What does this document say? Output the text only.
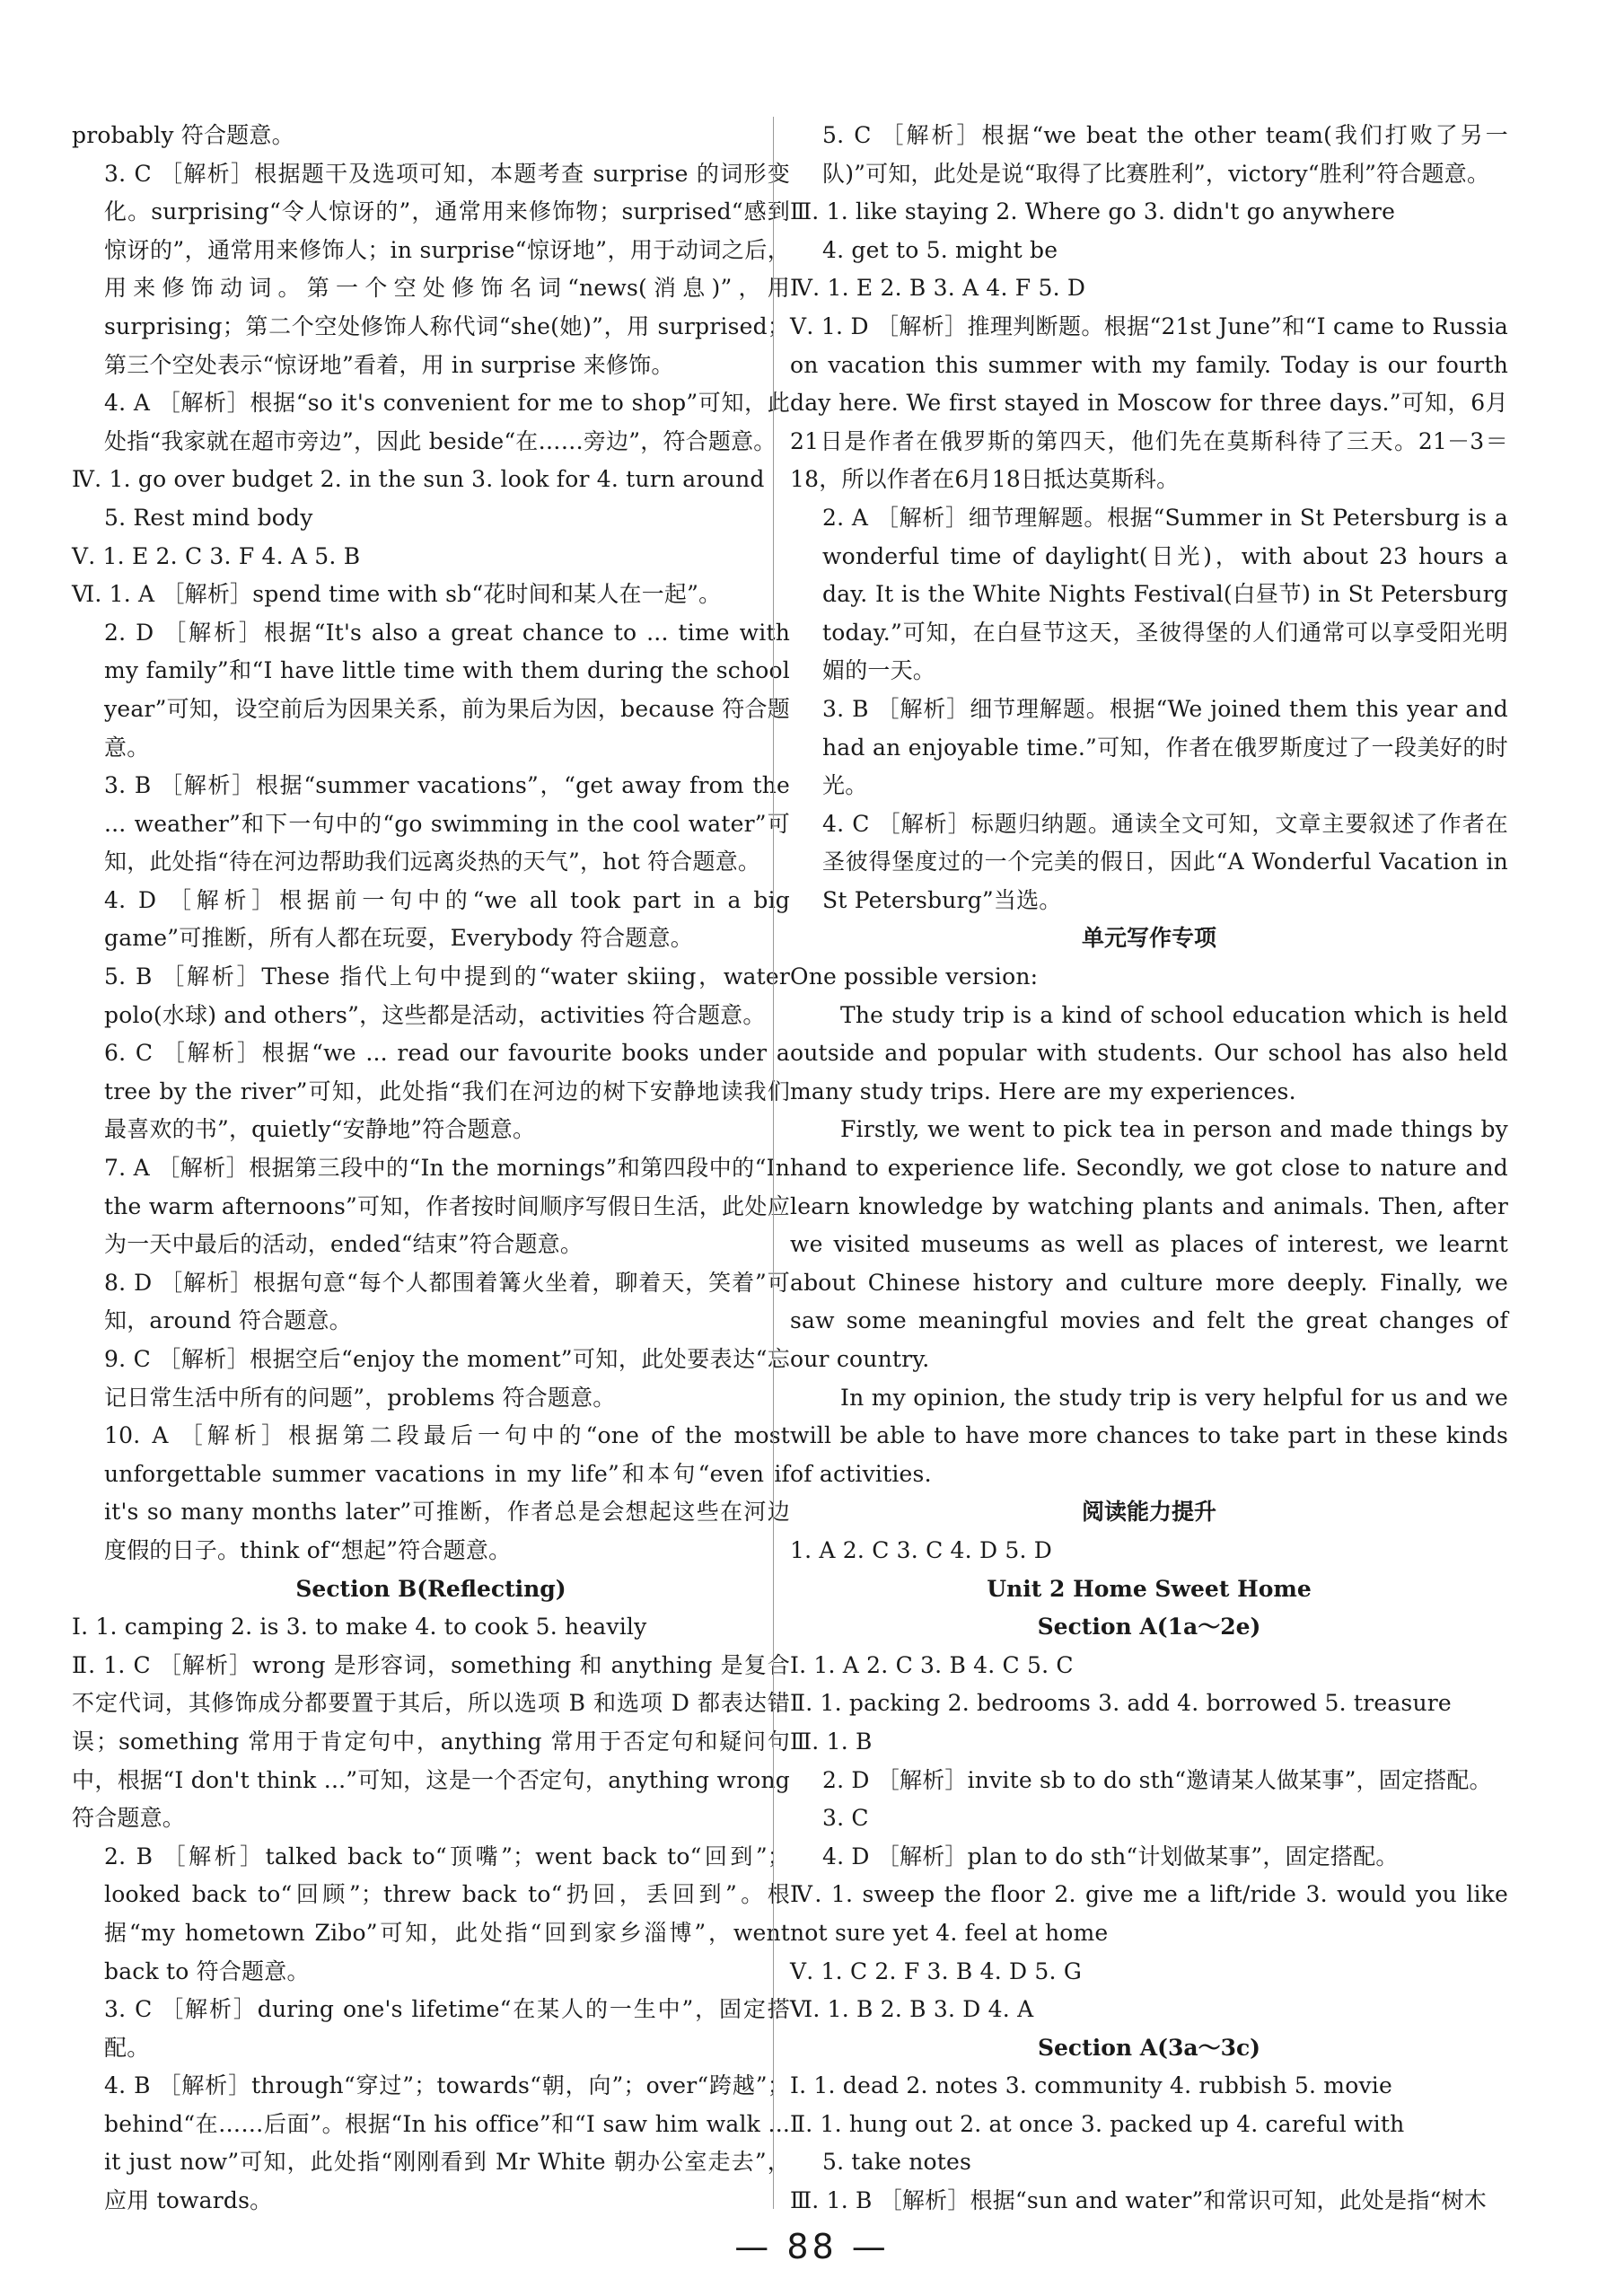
probably 符合题意。

3. C ［解析］根据题干及选项可知，本题考查 surprise 的词形变化。surprising“令人惊讶的”，通常用来修饰物；surprised“感到惊讶的”，通常用来修饰人；in surprise“惊讶地”，用于动词之后，用来修饰动词。第一个空处修饰名词“news(消息)”，用 surprising；第二个空处修饰人称代词“she(她)”，用 surprised；第三个空处表示“惊讶地”看着，用 in surprise 来修饰。

4. A ［解析］根据“so it's convenient for me to shop”可知，此处指“我家就在超市旁边”，因此 beside“在……旁边”，符合题意。

Ⅳ. 1. go over budget 2. in the sun 3. look for 4. turn around

5. Rest mind body

Ⅴ. 1. E 2. C 3. F 4. A 5. B

Ⅵ. 1. A ［解析］spend time with sb“花时间和某人在一起”。

2. D ［解析］根据“It's also a great chance to ... time with my family”和“I have little time with them during the school year”可知，设空前后为因果关系，前为果后为因，because 符合题意。

3. B ［解析］根据“summer vacations”，“get away from the ... weather”和下一句中的“go swimming in the cool water”可知，此处指“待在河边帮助我们远离炎热的天气”，hot 符合题意。

4. D ［解析］根据前一句中的“we all took part in a big game”可推断，所有人都在玩耍，Everybody 符合题意。

5. B ［解析］These 指代上句中提到的“water skiing，water polo(水球) and others”，这些都是活动，activities 符合题意。

6. C ［解析］根据“we ... read our favourite books under a tree by the river”可知，此处指“我们在河边的树下安静地读我们最喜欢的书”，quietly“安静地”符合题意。

7. A ［解析］根据第三段中的“In the mornings”和第四段中的“In the warm afternoons”可知，作者按时间顺序写假日生活，此处应为一天中最后的活动，ended“结束”符合题意。

8. D ［解析］根据句意“每个人都围着篝火坐着，聊着天，笑着”可知，around 符合题意。

9. C ［解析］根据空后“enjoy the moment”可知，此处要表达“忘记日常生活中所有的问题”，problems 符合题意。

10. A ［解析］根据第二段最后一句中的“one of the most unforgettable summer vacations in my life”和本句“even if it's so many months later”可推断，作者总是会想起这些在河边度假的日子。think of“想起”符合题意。

Section B(Reflecting)

Ⅰ. 1. camping 2. is 3. to make 4. to cook 5. heavily

Ⅱ. 1. C ［解析］wrong 是形容词，something 和 anything 是复合不定代词，其修饰成分都要置于其后，所以选项 B 和选项 D 都表达错误；something 常用于肯定句中，anything 常用于否定句和疑问句中，根据“I don't think ...”可知，这是一个否定句，anything wrong 符合题意。

2. B ［解析］talked back to“顶嘴”；went back to“回到”；looked back to“回顾”；threw back to“扔回，丢回到”。根据“my hometown Zibo”可知，此处指“回到家乡淄博”，went back to 符合题意。

3. C ［解析］during one's lifetime“在某人的一生中”，固定搭配。

4. B ［解析］through“穿过”；towards“朝，向”；over“跨越”；behind“在……后面”。根据“In his office”和“I saw him walk ... it just now”可知，此处指“刚刚看到 Mr White 朝办公室走去”，应用 towards。

5. C ［解析］根据“we beat the other team(我们打败了另一队)”可知，此处是说“取得了比赛胜利”，victory“胜利”符合题意。

Ⅲ. 1. like staying 2. Where go 3. didn't go anywhere

4. get to 5. might be

Ⅳ. 1. E 2. B 3. A 4. F 5. D

Ⅴ. 1. D ［解析］推理判断题。根据“21st June”和“I came to Russia on vacation this summer with my family. Today is our fourth day here. We first stayed in Moscow for three days.”可知，6月21日是作者在俄罗斯的第四天，他们先在莫斯科待了三天。21－3＝18，所以作者在6月18日抵达莫斯科。

2. A ［解析］细节理解题。根据“Summer in St Petersburg is a wonderful time of daylight(日光)，with about 23 hours a day. It is the White Nights Festival(白昼节) in St Petersburg today.”可知，在白昼节这天，圣彼得堡的人们通常可以享受阳光明媚的一天。

3. B ［解析］细节理解题。根据“We joined them this year and had an enjoyable time.”可知，作者在俄罗斯度过了一段美好的时光。

4. C ［解析］标题归纳题。通读全文可知，文章主要叙述了作者在圣彼得堡度过的一个完美的假日，因此“A Wonderful Vacation in St Petersburg”当选。

单元写作专项

One possible version:

The study trip is a kind of school education which is held outside and popular with students. Our school has also held many study trips. Here are my experiences.

Firstly, we went to pick tea in person and made things by hand to experience life. Secondly, we got close to nature and learn knowledge by watching plants and animals. Then, after we visited museums as well as places of interest, we learnt about Chinese history and culture more deeply. Finally, we saw some meaningful movies and felt the great changes of our country.

In my opinion, the study trip is very helpful for us and we will be able to have more chances to take part in these kinds of activities.

阅读能力提升

1. A 2. C 3. C 4. D 5. D

Unit 2 Home Sweet Home
Section A(1a～2e)

Ⅰ. 1. A 2. C 3. B 4. C 5. C

Ⅱ. 1. packing 2. bedrooms 3. add 4. borrowed 5. treasure

Ⅲ. 1. B

2. D ［解析］invite sb to do sth“邀请某人做某事”，固定搭配。

3. C

4. D ［解析］plan to do sth“计划做某事”，固定搭配。

Ⅳ. 1. sweep the floor 2. give me a lift/ride 3. would you like not sure yet 4. feel at home

Ⅴ. 1. C 2. F 3. B 4. D 5. G

Ⅵ. 1. B 2. B 3. D 4. A

Section A(3a～3c)

Ⅰ. 1. dead 2. notes 3. community 4. rubbish 5. movie

Ⅱ. 1. hung out 2. at once 3. packed up 4. careful with

5. take notes

Ⅲ. 1. B ［解析］根据“sun and water”和常识可知，此处是指“树木

— 88 —
